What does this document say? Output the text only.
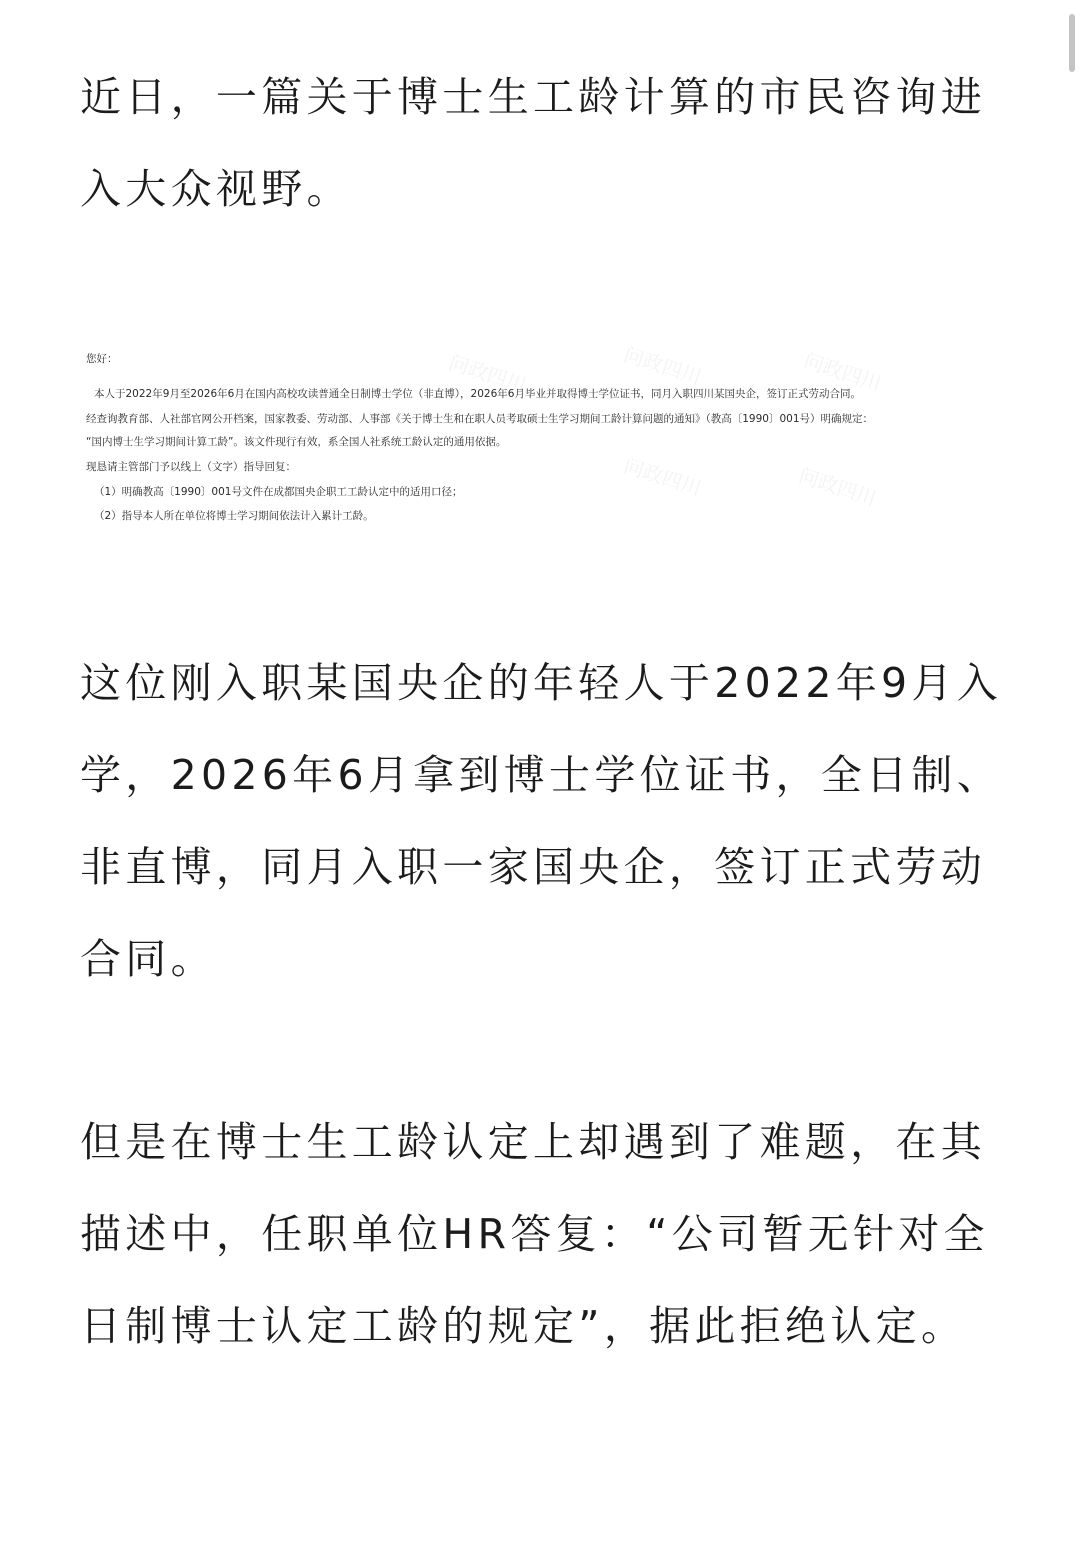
近日，一篇关于博士生工龄计算的市民咨询进入大众视野。

问政四川	问政四川	问政四川
问政四川	问政四川
您好：
本人于2022年9月至2026年6月在国内高校攻读普通全日制博士学位（非直博），2026年6月毕业并取得博士学位证书，同月入职四川某国央企，签订正式劳动合同。
经查询教育部、人社部官网公开档案，国家教委、劳动部、人事部《关于博士生和在职人员考取硕士生学习期间工龄计算问题的通知》（教高〔1990〕001号）明确规定：
“国内博士生学习期间计算工龄”。该文件现行有效，系全国人社系统工龄认定的通用依据。
现恳请主管部门予以线上（文字）指导回复：
（1）明确教高〔1990〕001号文件在成都国央企职工工龄认定中的适用口径；
（2）指导本人所在单位将博士学习期间依法计入累计工龄。

这位刚入职某国央企的年轻人于2022年9月入学，2026年6月拿到博士学位证书，全日制、非直博，同月入职一家国央企，签订正式劳动合同。

但是在博士生工龄认定上却遇到了难题，在其描述中，任职单位HR答复：“公司暂无针对全日制博士认定工龄的规定”，据此拒绝认定。
